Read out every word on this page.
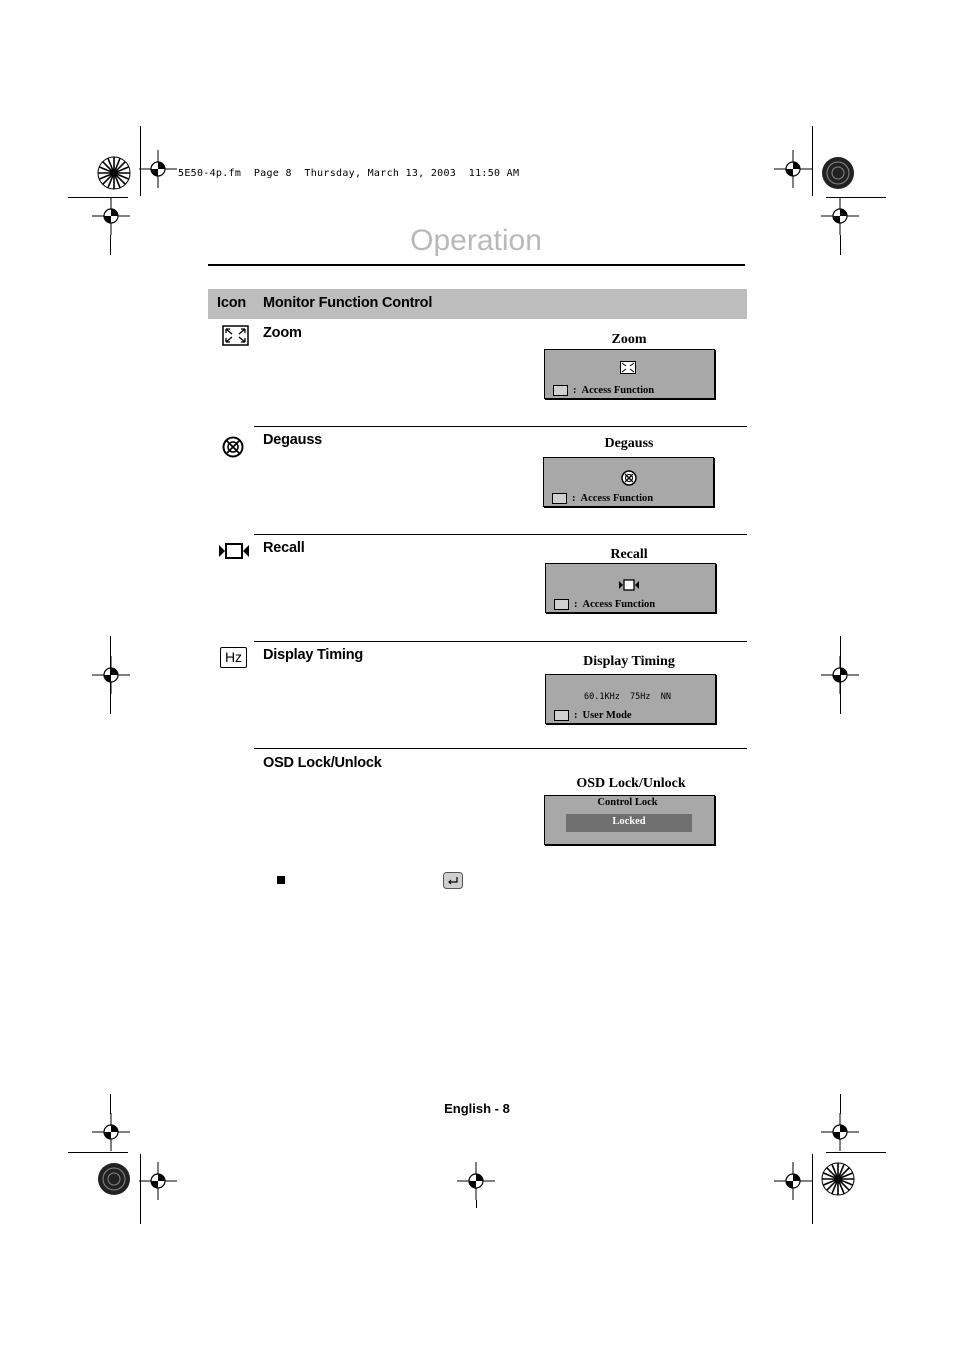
5E50-4p.fm  Page 8  Thursday, March 13, 2003  11:50 AM
Operation
Icon Monitor Function Control
Zoom	Zoom
: Access Function
Degauss	Degauss
: Access Function
Recall	Recall
: Access Function
Hz	Display Timing	Display Timing
60.1KHz  75Hz  NN
: User Mode
OSD Lock/Unlock
OSD Lock/Unlock
Control Lock
Locked
English - 8
